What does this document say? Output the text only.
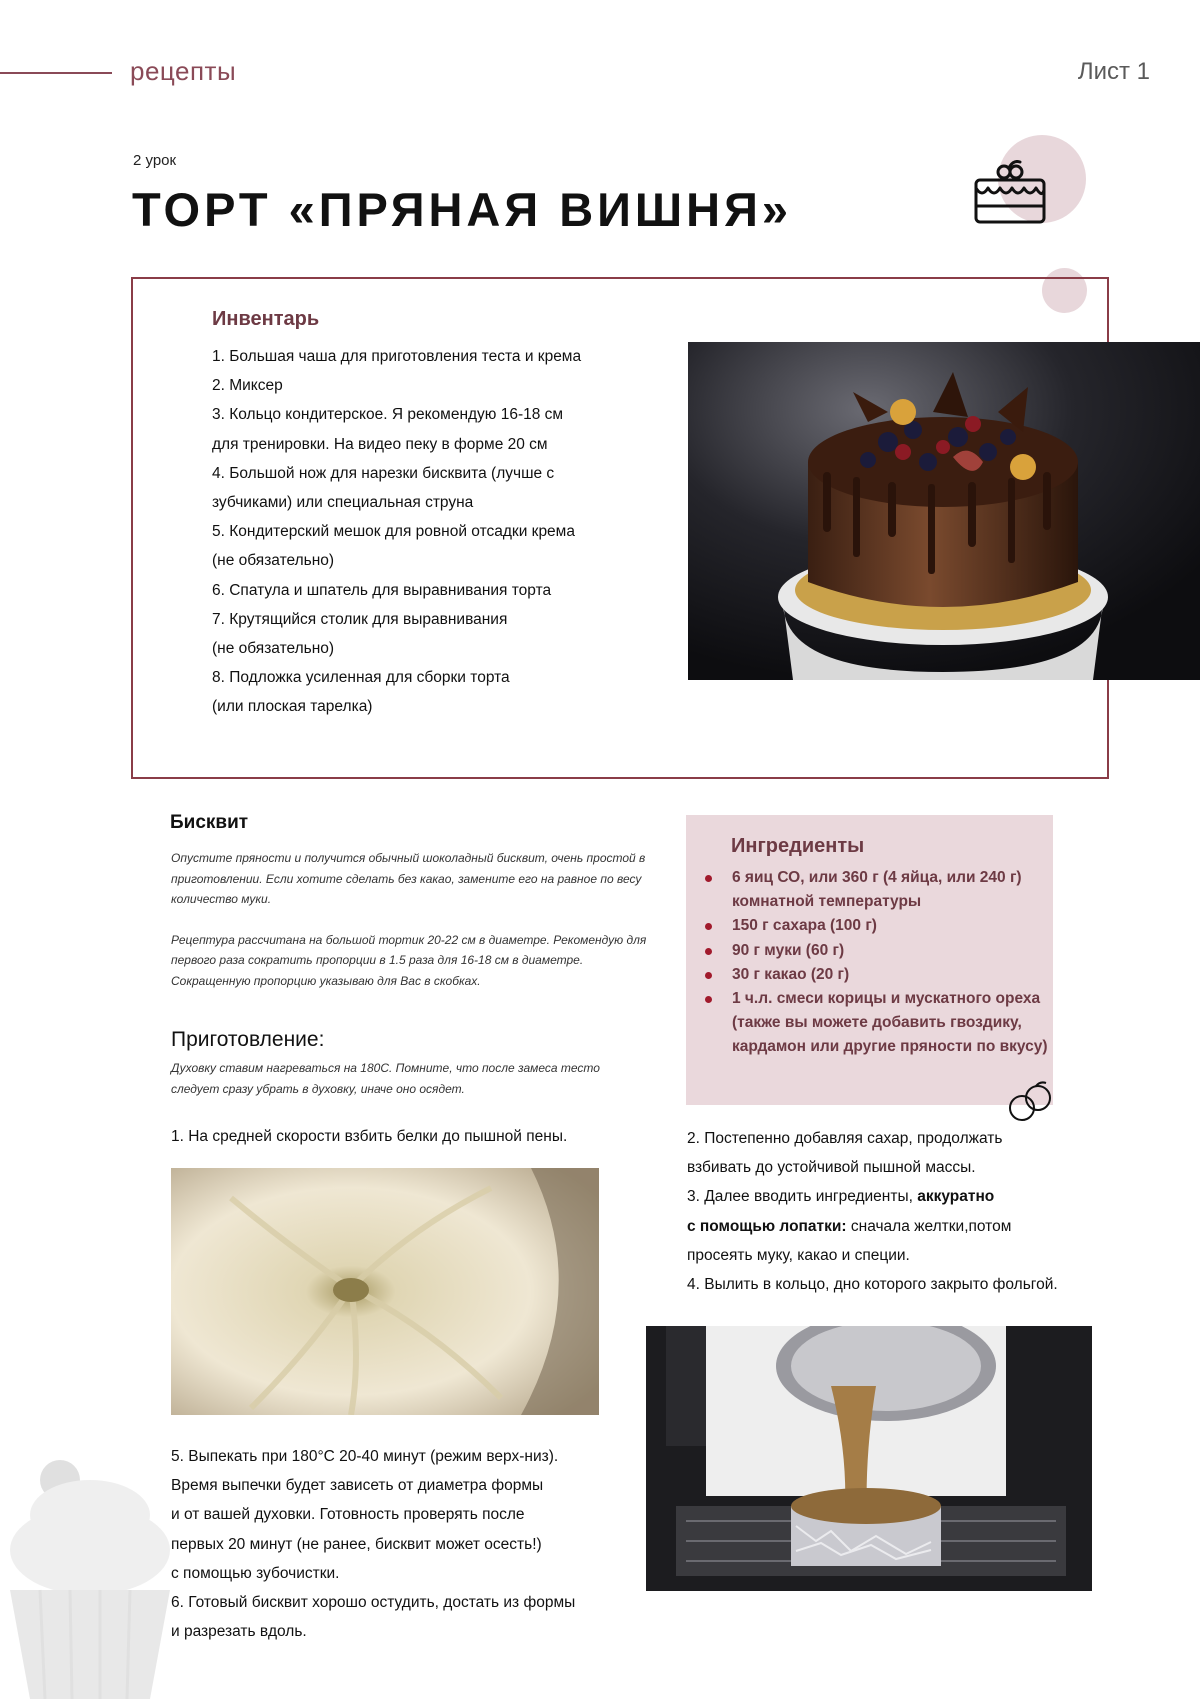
рецепты	Лист 1
2 урок
ТОРТ «ПРЯНАЯ ВИШНЯ»
Инвентарь
1. Большая чаша для приготовления теста и крема
2. Миксер
3. Кольцо кондитерское. Я рекомендую 16-18 см
для тренировки. На видео пеку в форме 20 см
4. Большой нож для нарезки бисквита (лучше с
зубчиками) или специальная струна
5. Кондитерский мешок для ровной отсадки крема
(не обязательно)
6. Спатула и шпатель для выравнивания торта
7. Крутящийся столик для выравнивания
(не обязательно)
8. Подложка усиленная для сборки торта
(или плоская тарелка)
Бисквит

Опустите пряности и получится обычный шоколадный бисквит, очень простой в приготовлении. Если хотите сделать без какао, замените его на равное по весу количество муки.

Рецептура рассчитана на большой тортик 20-22 см в диаметре. Рекомендую для первого раза сократить пропорции в 1.5 раза для 16-18 см в диаметре. Сокращенную пропорцию указываю для Вас в скобках.

Приготовление:
Духовку ставим нагреваться на 180С. Помните, что после замеса тесто следует сразу убрать в духовку, иначе оно осядет.
Ингредиенты
6 яиц СО, или 360 г (4 яйца, или 240 г) комнатной температуры
150 г сахара (100 г)
90 г муки (60 г)
30 г какао (20 г)
1 ч.л. смеси корицы и мускатного ореха (также вы можете добавить гвоздику, кардамон или другие пряности по вкусу)
1. На средней скорости взбить белки до пышной пены.	2. Постепенно добавляя сахар, продолжать
взбивать до устойчивой пышной массы.
3. Далее вводить ингредиенты, аккуратно
с помощью лопатки: сначала желтки,потом
просеять муку, какао и специи.
4. Вылить в кольцо, дно которого закрыто фольгой.
5. Выпекать при 180°С 20-40 минут (режим верх-низ).
Время выпечки будет зависеть от диаметра формы
и от вашей духовки. Готовность проверять после
первых 20 минут (не ранее, бисквит может осесть!)
с помощью зубочистки.
6. Готовый бисквит хорошо остудить, достать из формы
и разрезать вдоль.
